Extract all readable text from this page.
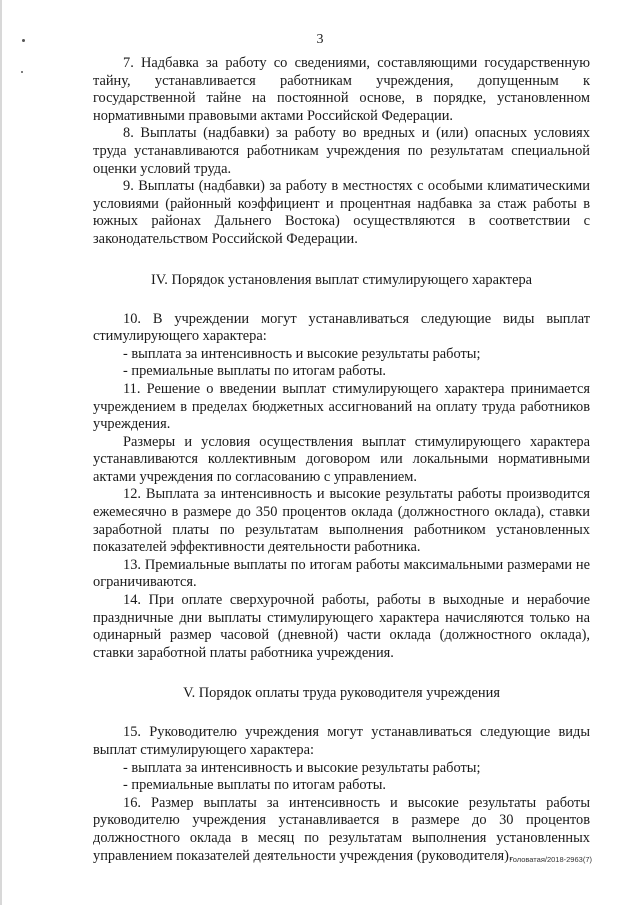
3

7. Надбавка за работу со сведениями, составляющими государственную тайну, устанавливается работникам учреждения, допущенным к государственной тайне на постоянной основе, в порядке, установленном нормативными правовыми актами Российской Федерации.

8. Выплаты (надбавки) за работу во вредных и (или) опасных условиях труда устанавливаются работникам учреждения по результатам специальной оценки условий труда.

9. Выплаты (надбавки) за работу в местностях с особыми климатическими условиями (районный коэффициент и процентная надбавка за стаж работы в южных районах Дальнего Востока) осуществляются в соответствии с законодательством Российской Федерации.

IV. Порядок установления выплат стимулирующего характера

10. В учреждении могут устанавливаться следующие виды выплат стимулирующего характера:

- выплата за интенсивность и высокие результаты работы;

- премиальные выплаты по итогам работы.

11. Решение о введении выплат стимулирующего характера принимается учреждением в пределах бюджетных ассигнований на оплату труда работников учреждения.

Размеры и условия осуществления выплат стимулирующего характера устанавливаются коллективным договором или локальными нормативными актами учреждения по согласованию с управлением.

12. Выплата за интенсивность и высокие результаты работы производится ежемесячно в размере до 350 процентов оклада (должностного оклада), ставки заработной платы по результатам выполнения работником установленных показателей эффективности деятельности работника.

13. Премиальные выплаты по итогам работы максимальными размерами не ограничиваются.

14. При оплате сверхурочной работы, работы в выходные и нерабочие праздничные дни выплаты стимулирующего характера начисляются только на одинарный размер часовой (дневной) части оклада (должностного оклада), ставки заработной платы работника учреждения.

V. Порядок оплаты труда руководителя учреждения

15. Руководителю учреждения могут устанавливаться следующие виды выплат стимулирующего характера:

- выплата за интенсивность и высокие результаты работы;

- премиальные выплаты по итогам работы.

16. Размер выплаты за интенсивность и высокие результаты работы руководителю учреждения устанавливается в размере до 30 процентов должностного оклада в месяц по результатам выполнения установленных управлением показателей деятельности учреждения (руководителя).

Головатая/2018-2963(7)
